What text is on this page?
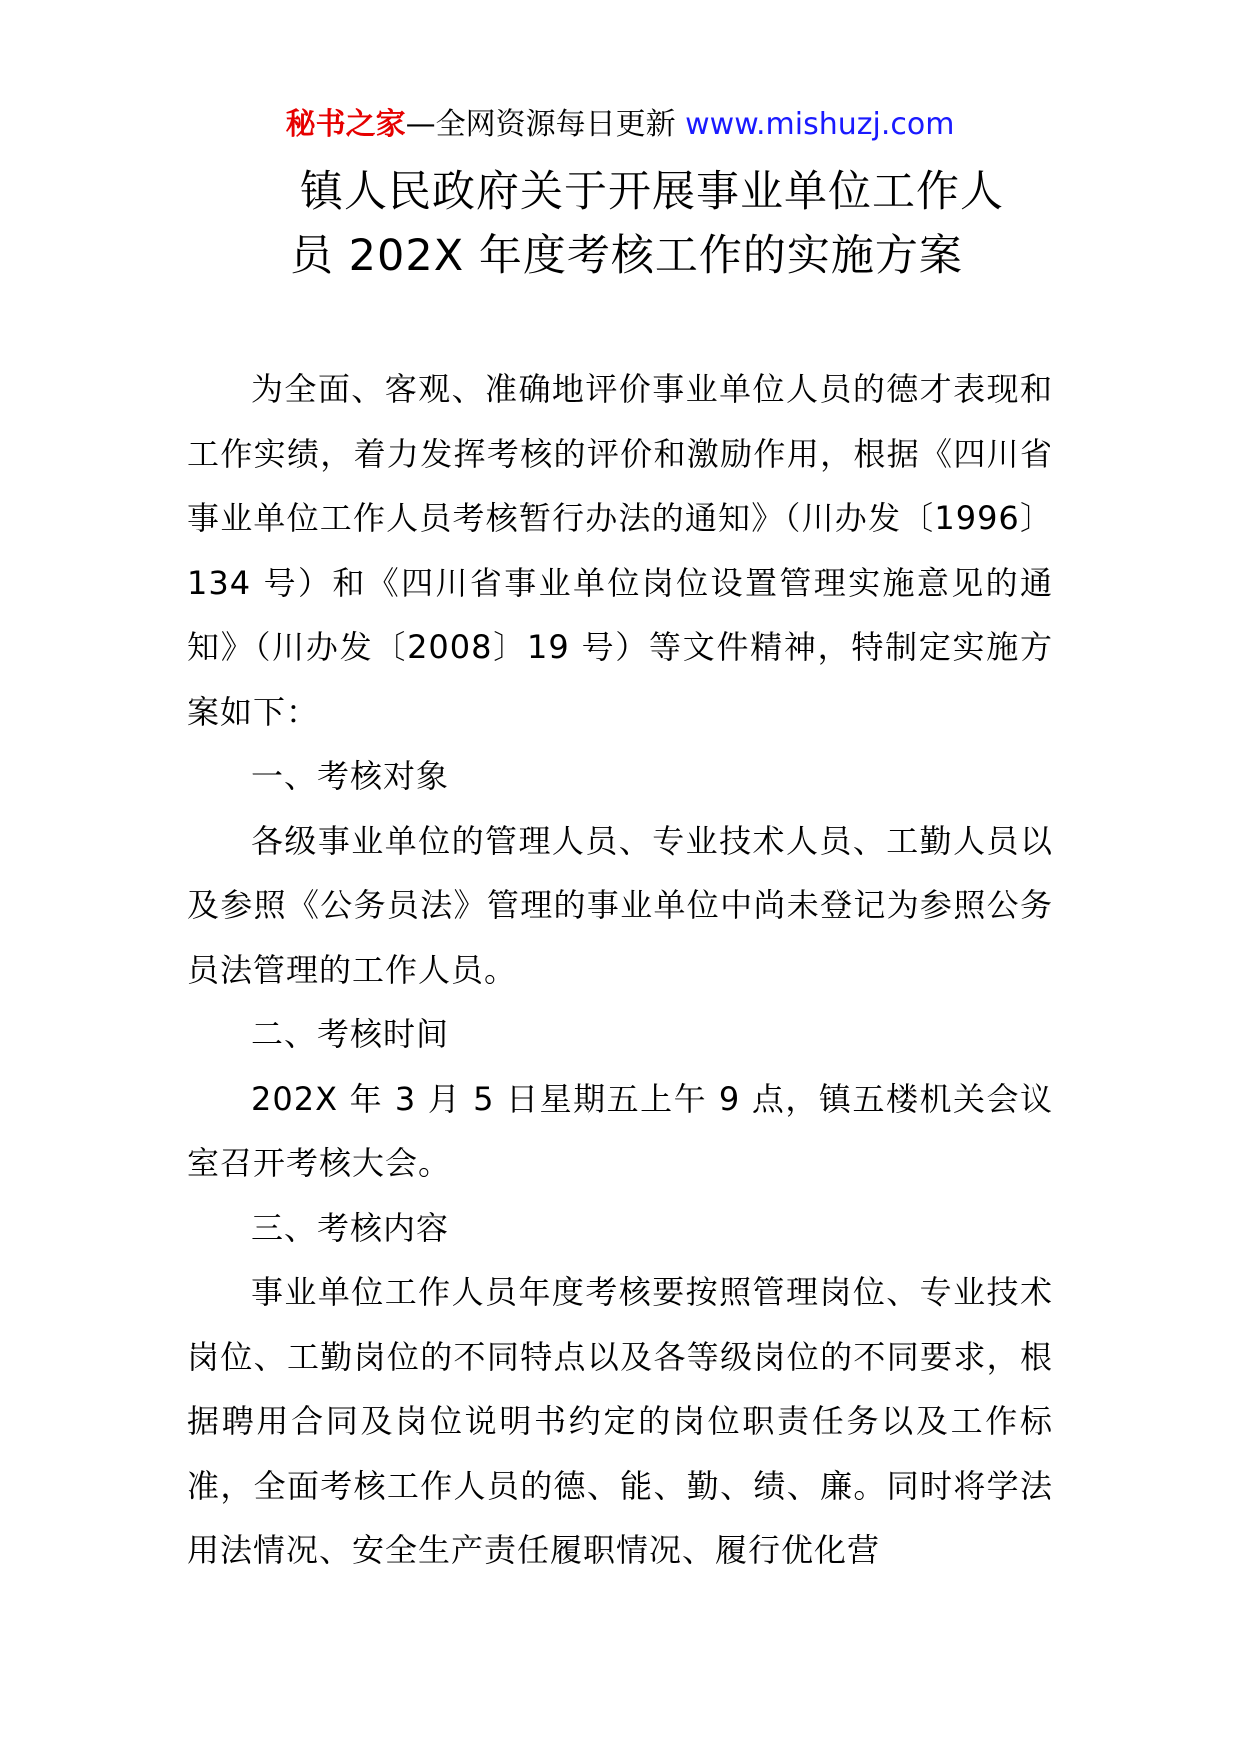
秘书之家—全网资源每日更新 www.mishuzj.com
镇人民政府关于开展事业单位工作人
员 202X 年度考核工作的实施方案

为全面、客观、准确地评价事业单位人员的德才表现和工作实绩，着力发挥考核的评价和激励作用，根据《四川省事业单位工作人员考核暂行办法的通知》（川办发〔1996〕134 号）和《四川省事业单位岗位设置管理实施意见的通知》（川办发〔2008〕19 号）等文件精神，特制定实施方案如下：

一、考核对象

各级事业单位的管理人员、专业技术人员、工勤人员以及参照《公务员法》管理的事业单位中尚未登记为参照公务员法管理的工作人员。

二、考核时间

202X 年 3 月 5 日星期五上午 9 点，镇五楼机关会议室召开考核大会。

三、考核内容

事业单位工作人员年度考核要按照管理岗位、专业技术岗位、工勤岗位的不同特点以及各等级岗位的不同要求，根据聘用合同及岗位说明书约定的岗位职责任务以及工作标准，全面考核工作人员的德、能、勤、绩、廉。同时将学法用法情况、安全生产责任履职情况、履行优化营
